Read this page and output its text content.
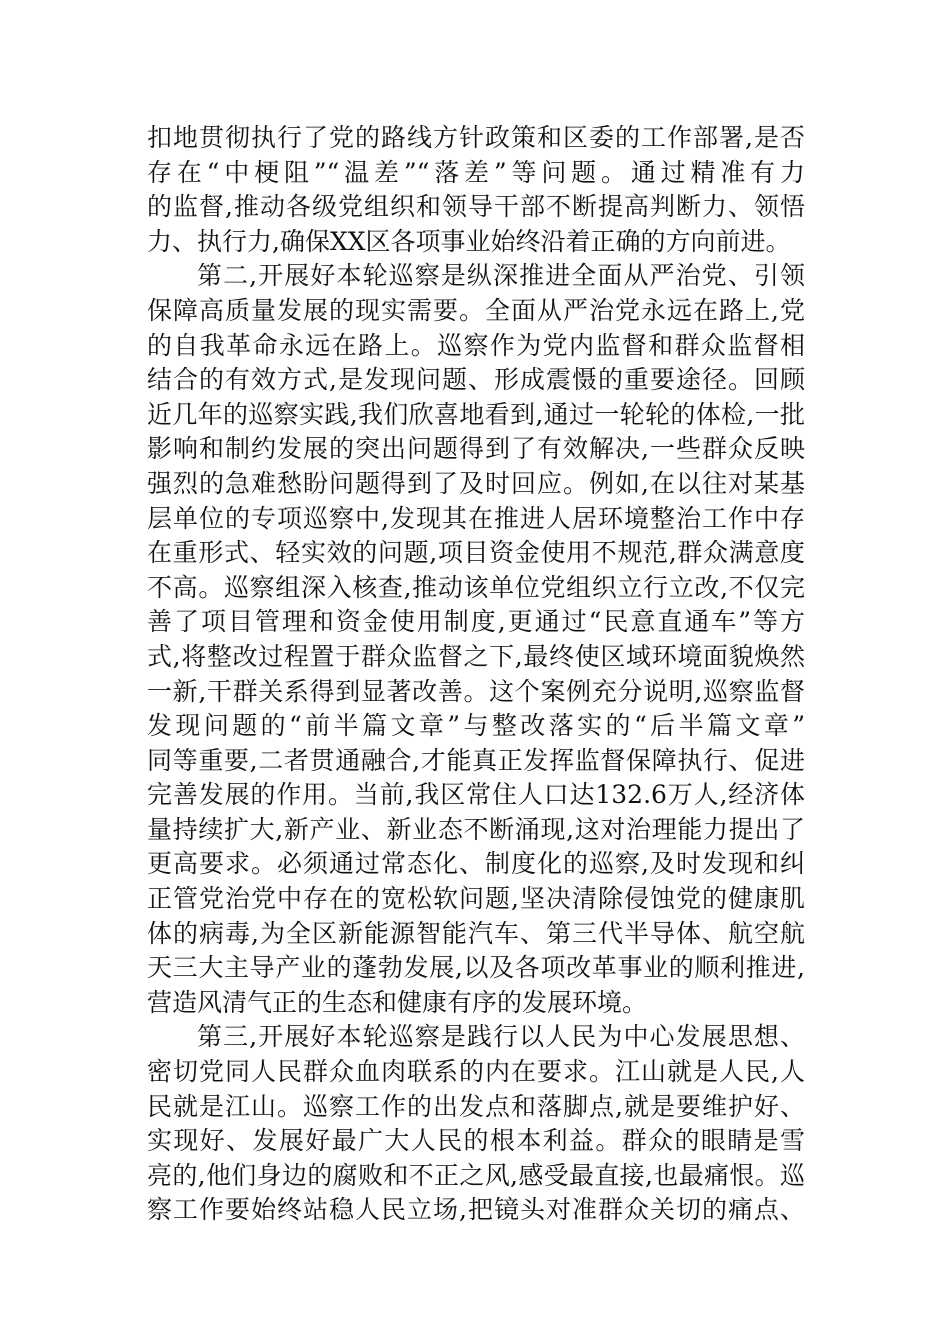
扣地贯彻执行了党的路线方针政策和区委的工作部署,是否
存在“中梗阻”“温差”“落差”等问题。通过精准有力
的监督,推动各级党组织和领导干部不断提高判断力、领悟
力、执行力,确保XX区各项事业始终沿着正确的方向前进。
第二,开展好本轮巡察是纵深推进全面从严治党、引领
保障高质量发展的现实需要。全面从严治党永远在路上,党
的自我革命永远在路上。巡察作为党内监督和群众监督相
结合的有效方式,是发现问题、形成震慑的重要途径。回顾
近几年的巡察实践,我们欣喜地看到,通过一轮轮的体检,一批
影响和制约发展的突出问题得到了有效解决,一些群众反映
强烈的急难愁盼问题得到了及时回应。例如,在以往对某基
层单位的专项巡察中,发现其在推进人居环境整治工作中存
在重形式、轻实效的问题,项目资金使用不规范,群众满意度
不高。巡察组深入核查,推动该单位党组织立行立改,不仅完
善了项目管理和资金使用制度,更通过“民意直通车”等方
式,将整改过程置于群众监督之下,最终使区域环境面貌焕然
一新,干群关系得到显著改善。这个案例充分说明,巡察监督
发现问题的“前半篇文章”与整改落实的“后半篇文章”
同等重要,二者贯通融合,才能真正发挥监督保障执行、促进
完善发展的作用。当前,我区常住人口达132.6万人,经济体
量持续扩大,新产业、新业态不断涌现,这对治理能力提出了
更高要求。必须通过常态化、制度化的巡察,及时发现和纠
正管党治党中存在的宽松软问题,坚决清除侵蚀党的健康肌
体的病毒,为全区新能源智能汽车、第三代半导体、航空航
天三大主导产业的蓬勃发展,以及各项改革事业的顺利推进,
营造风清气正的生态和健康有序的发展环境。
第三,开展好本轮巡察是践行以人民为中心发展思想、
密切党同人民群众血肉联系的内在要求。江山就是人民,人
民就是江山。巡察工作的出发点和落脚点,就是要维护好、
实现好、发展好最广大人民的根本利益。群众的眼睛是雪
亮的,他们身边的腐败和不正之风,感受最直接,也最痛恨。巡
察工作要始终站稳人民立场,把镜头对准群众关切的痛点、
